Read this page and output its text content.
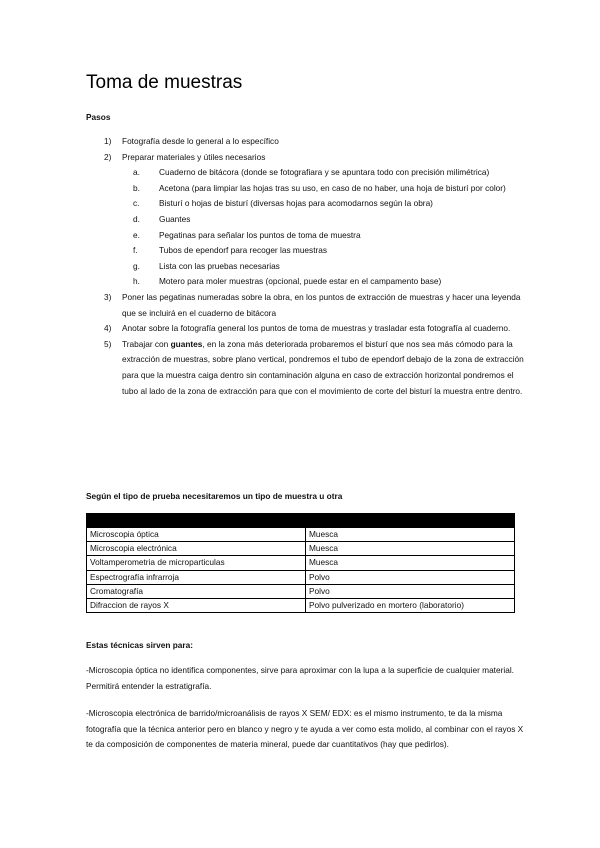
Toma de muestras

Pasos

1) Fotografía desde lo general a lo específico
2) Preparar materiales y útiles necesarios
a. Cuaderno de bitácora (donde se fotografiara y se apuntara todo con precisión milimétrica)
b. Acetona (para limpiar las hojas tras su uso, en caso de no haber, una hoja de bisturí por color)
c. Bisturí o hojas de bisturí (diversas hojas para acomodarnos según la obra)
d. Guantes
e. Pegatinas para señalar los puntos de toma de muestra
f.	Tubos de ependorf para recoger las muestras
g. Lista con las pruebas necesarias
h. Motero para moler muestras (opcional, puede estar en el campamento base)
3) Poner las pegatinas numeradas sobre la obra, en los puntos de extracción de muestras y hacer una leyenda que se incluirá en el cuaderno de bitácora
4) Anotar sobre la fotografía general los puntos de toma de muestras y trasladar esta fotografía al cuaderno.
5) Trabajar con guantes, en la zona más deteriorada probaremos el bisturí que nos sea más cómodo para la extracción de muestras, sobre plano vertical, pondremos el tubo de ependorf debajo de la zona de extracción para que la muestra caiga dentro sin contaminación alguna en caso de extracción horizontal pondremos el tubo al lado de la zona de extracción para que con el movimiento de corte del bisturí la muestra entre dentro.

Según el tipo de prueba necesitaremos un tipo de muestra u otra

Microscopia óptica	Muesca
Microscopia electrónica	Muesca
Voltamperometria de microparticulas	Muesca
Espectrografía infrarroja	Polvo
Cromatografía	Polvo
Difraccion de rayos X	Polvo pulverizado en mortero (laboratorio)

Estas técnicas sirven para:

-Microscopia óptica no identifica componentes, sirve para aproximar con la lupa a la superficie de cualquier material. Permitirá entender la estratigrafía.

-Microscopia electrónica de barrido/microanálisis de rayos X SEM/ EDX: es el mismo instrumento, te da la misma fotografía que la técnica anterior pero en blanco y negro y te ayuda a ver como esta molido, al combinar con el rayos X te da composición de componentes de materia mineral, puede dar cuantitativos (hay que pedirlos).
